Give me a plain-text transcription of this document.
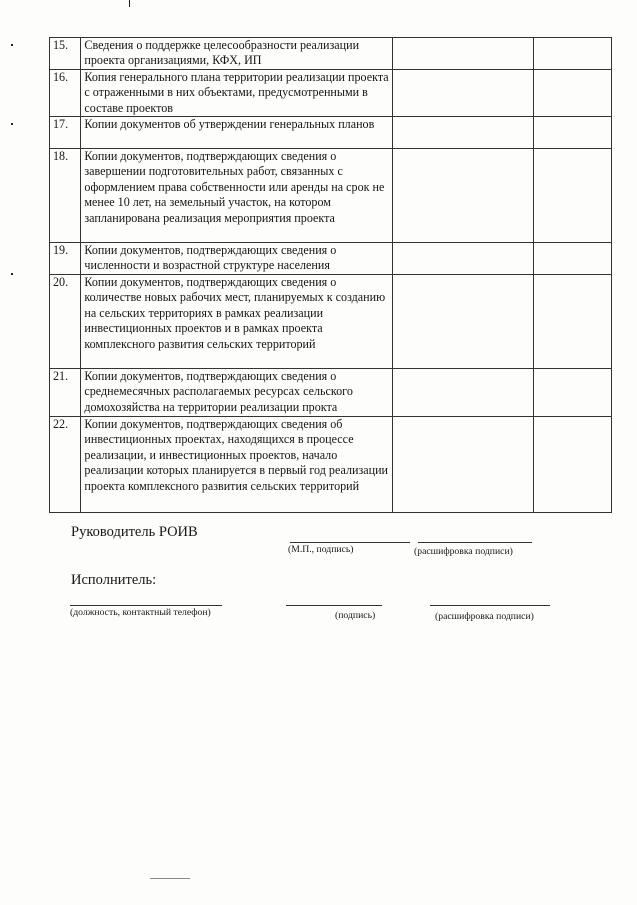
15.	Сведения о поддержке целесообразности реализации проекта организациями, КФХ, ИП		
16.	Копия генерального плана территории реализации проекта с отраженными в них объектами, предусмотренными в составе проектов		
17.	Копии документов об утверждении генеральных планов		
18.	Копии документов, подтверждающих сведения о завершении подготовительных работ, связанных с оформлением права собственности или аренды на срок не менее 10 лет, на земельный участок, на котором запланирована реализация мероприятия проекта		
19.	Копии документов, подтверждающих сведения о численности и возрастной структуре населения		
20.	Копии документов, подтверждающих сведения о количестве новых рабочих мест, планируемых к созданию на сельских территориях в рамках реализации инвестиционных проектов и в рамках проекта комплексного развития сельских территорий		
21.	Копии документов, подтверждающих сведения о среднемесячных располагаемых ресурсах сельского домохозяйства на территории реализации прокта		
22.	Копии документов, подтверждающих сведения об инвестиционных проектах, находящихся в процессе реализации, и инвестиционных проектов, начало реализации которых планируется в первый год реализации проекта комплексного развития сельских территорий		
Руководитель РОИВ
(М.П., подпись)	(расшифровка подписи)
Исполнитель:
(должность, контактный телефон)	(подпись)	(расшифровка подписи)
